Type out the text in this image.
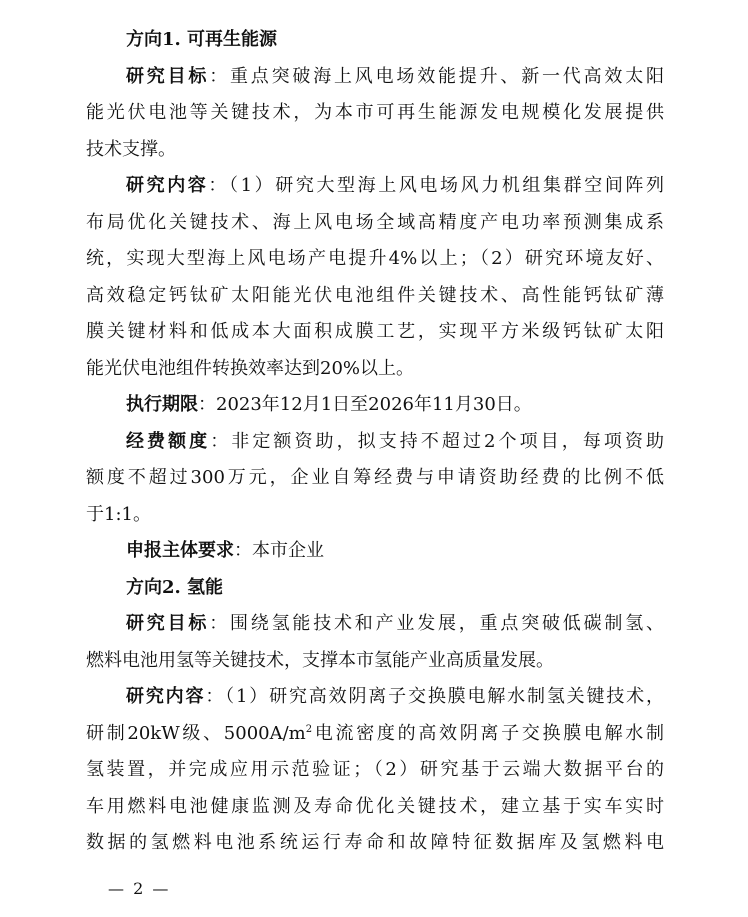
方向1. 可再生能源
研究目标：重点突破海上风电场效能提升、新一代高效太阳
能光伏电池等关键技术，为本市可再生能源发电规模化发展提供
技术支撑。
研究内容：（1）研究大型海上风电场风力机组集群空间阵列
布局优化关键技术、海上风电场全域高精度产电功率预测集成系
统，实现大型海上风电场产电提升4%以上；（2）研究环境友好、
高效稳定钙钛矿太阳能光伏电池组件关键技术、高性能钙钛矿薄
膜关键材料和低成本大面积成膜工艺，实现平方米级钙钛矿太阳
能光伏电池组件转换效率达到20%以上。
执行期限：2023年12月1日至2026年11月30日。
经费额度：非定额资助，拟支持不超过2个项目，每项资助
额度不超过300万元，企业自筹经费与申请资助经费的比例不低
于1:1。
申报主体要求：本市企业
方向2. 氢能
研究目标：围绕氢能技术和产业发展，重点突破低碳制氢、
燃料电池用氢等关键技术，支撑本市氢能产业高质量发展。
研究内容：（1）研究高效阴离子交换膜电解水制氢关键技术，
研制20kW级、$5000A/m^2$电流密度的高效阴离子交换膜电解水制
氢装置，并完成应用示范验证；（2）研究基于云端大数据平台的
车用燃料电池健康监测及寿命优化关键技术，建立基于实车实时
数据的氢燃料电池系统运行寿命和故障特征数据库及氢燃料电
— 2 —
